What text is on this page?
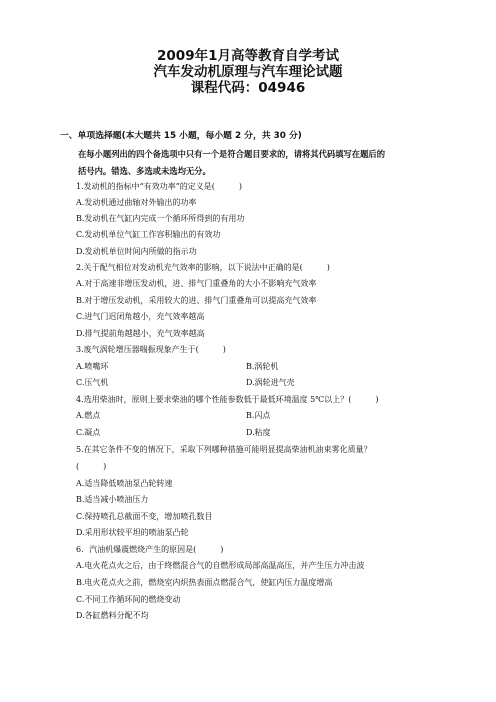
2009年1月高等教育自学考试
汽车发动机原理与汽车理论试题
课程代码：04946
一、单项选择题(本大题共 15 小题，每小题 2 分，共 30 分)
在每小题列出的四个备选项中只有一个是符合题目要求的，请将其代码填写在题后的
括号内。错选、多选或未选均无分。
1.发动机的指标中“有效功率”的定义是(　　　)
A.发动机通过曲轴对外输出的功率
B.发动机在气缸内完成一个循环所得到的有用功
C.发动机单位气缸工作容积输出的有效功
D.发动机单位时间内所做的指示功
2.关于配气相位对发动机充气效率的影响，以下说法中正确的是(　　　)
A.对于高速非增压发动机，进、排气门重叠角的大小不影响充气效率
B.对于增压发动机，采用较大的进、排气门重叠角可以提高充气效率
C.进气门迟闭角越小，充气效率越高
D.排气提前角越越小，充气效率越高
3.废气涡轮增压器喘振现象产生于(　　　)
A.喷嘴环	B.涡轮机
C.压气机	D.涡轮进气壳
4.选用柴油时，原则上要求柴油的哪个性能参数低于最低环境温度 5℃以上？(　　　)
A.燃点	B.闪点
C.凝点	D.粘度
5.在其它条件不变的情况下，采取下列哪种措施可能明显提高柴油机油束雾化质量？
(　　　)
A.适当降低喷油泵凸轮转速
B.适当减小喷油压力
C.保持喷孔总截面不变，增加喷孔数目
D.采用形状较平坦的喷油泵凸轮
6．汽油机爆震燃烧产生的原因是(　　　)
A.电火花点火之后，由于终燃混合气的自燃形成局部高温高压，并产生压力冲击波
B.电火花点火之前，燃烧室内炽热表面点燃混合气，使缸内压力温度增高
C.不同工作循环间的燃烧变动
D.各缸燃料分配不均
